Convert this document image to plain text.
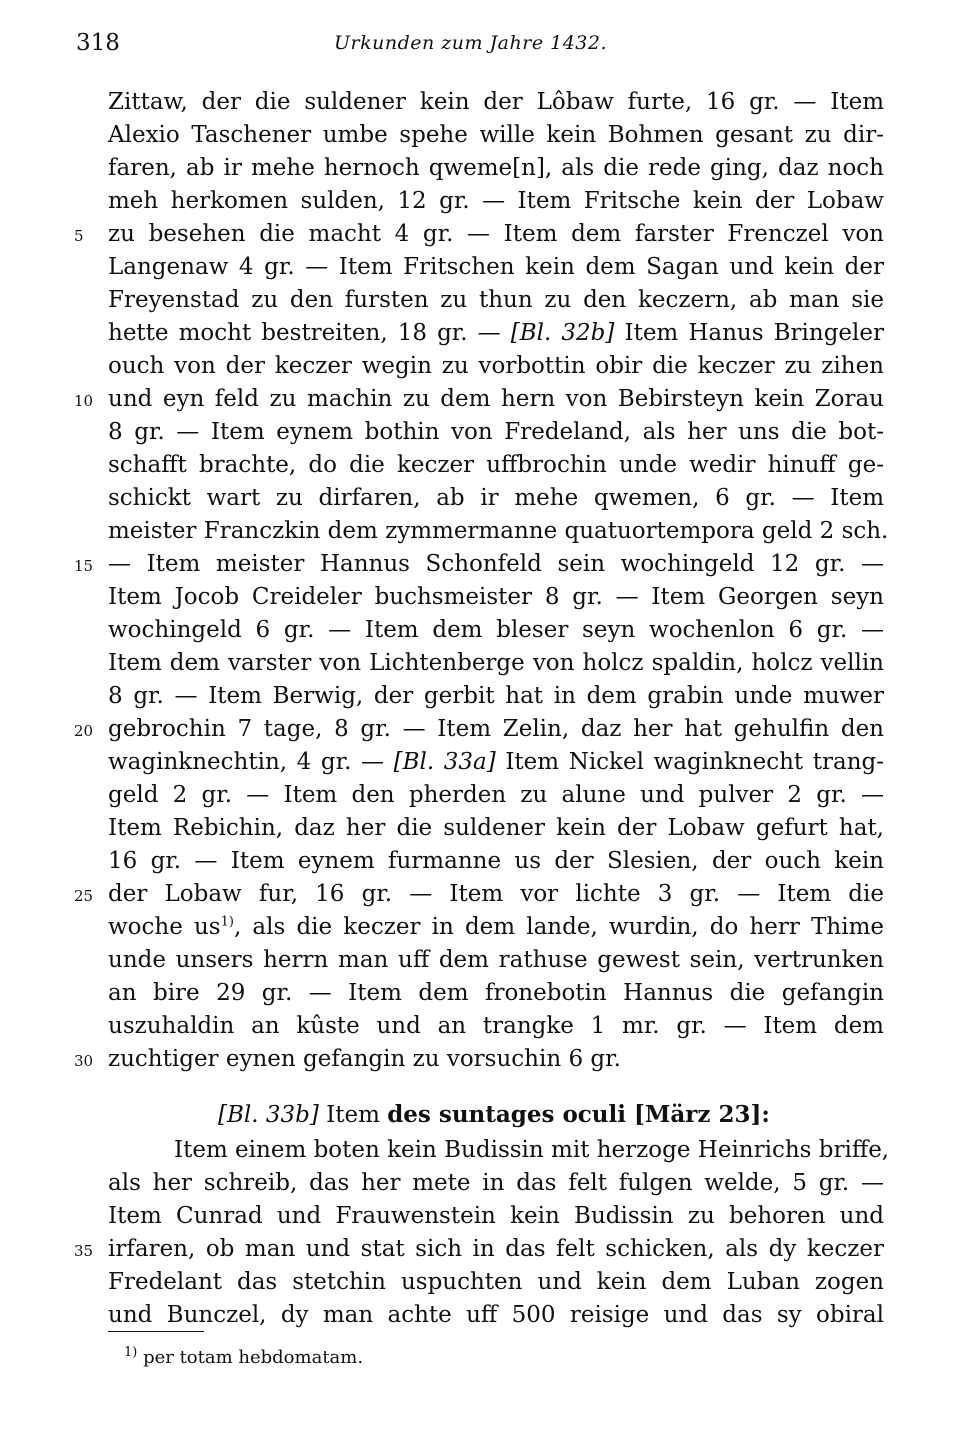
318	Urkunden zum Jahre 1432.
Zittaw, der die suldener kein der Lôbaw furte, 16 gr. — Item
Alexio Taschener umbe spehe wille kein Bohmen gesant zu dir-
faren, ab ir mehe hernoch qweme[n], als die rede ging, daz noch
meh herkomen sulden, 12 gr. — Item Fritsche kein der Lobaw
zu besehen die macht 4 gr. — Item dem farster Frenczel von
Langenaw 4 gr. — Item Fritschen kein dem Sagan und kein der
Freyenstad zu den fursten zu thun zu den keczern, ab man sie
hette mocht bestreiten, 18 gr. — [Bl. 32b] Item Hanus Bringeler
ouch von der keczer wegin zu vorbottin obir die keczer zu zihen
und eyn feld zu machin zu dem hern von Bebirsteyn kein Zorau
8 gr. — Item eynem bothin von Fredeland, als her uns die bot-
schafft brachte, do die keczer uffbrochin unde wedir hinuff ge-
schickt wart zu dirfaren, ab ir mehe qwemen, 6 gr. — Item
meister Franczkin dem zymmermanne quatuortempora geld 2 sch.
— Item meister Hannus Schonfeld sein wochingeld 12 gr. —
Item Jocob Creideler buchsmeister 8 gr. — Item Georgen seyn
wochingeld 6 gr. — Item dem bleser seyn wochenlon 6 gr. —
Item dem varster von Lichtenberge von holcz spaldin, holcz vellin
8 gr. — Item Berwig, der gerbit hat in dem grabin unde muwer
gebrochin 7 tage, 8 gr. — Item Zelin, daz her hat gehulfin den
waginknechtin, 4 gr. — [Bl. 33a] Item Nickel waginknecht trang-
geld 2 gr. — Item den pherden zu alune und pulver 2 gr. —
Item Rebichin, daz her die suldener kein der Lobaw gefurt hat,
16 gr. — Item eynem furmanne us der Slesien, der ouch kein
der Lobaw fur, 16 gr. — Item vor lichte 3 gr. — Item die
woche $us^{1)}$, als die keczer in dem lande, wurdin, do herr Thime
unde unsers herrn man uff dem rathuse gewest sein, vertrunken
an bire 29 gr. — Item dem fronebotin Hannus die gefangin
uszuhaldin an kûste und an trangke 1 mr. gr. — Item dem
zuchtiger eynen gefangin zu vorsuchin 6 gr.
[Bl. 33b] Item des suntages oculi [März 23]:
Item einem boten kein Budissin mit herzoge Heinrichs briffe,
als her schreib, das her mete in das felt fulgen welde, 5 gr. —
Item Cunrad und Frauwenstein kein Budissin zu behoren und
irfaren, ob man und stat sich in das felt schicken, als dy keczer
Fredelant das stetchin uspuchten und kein dem Luban zogen
und Bunczel, dy man achte uff 500 reisige und das sy obiral
5
10
15
20
25
30
35
$^{1)}$ per totam hebdomatam.
